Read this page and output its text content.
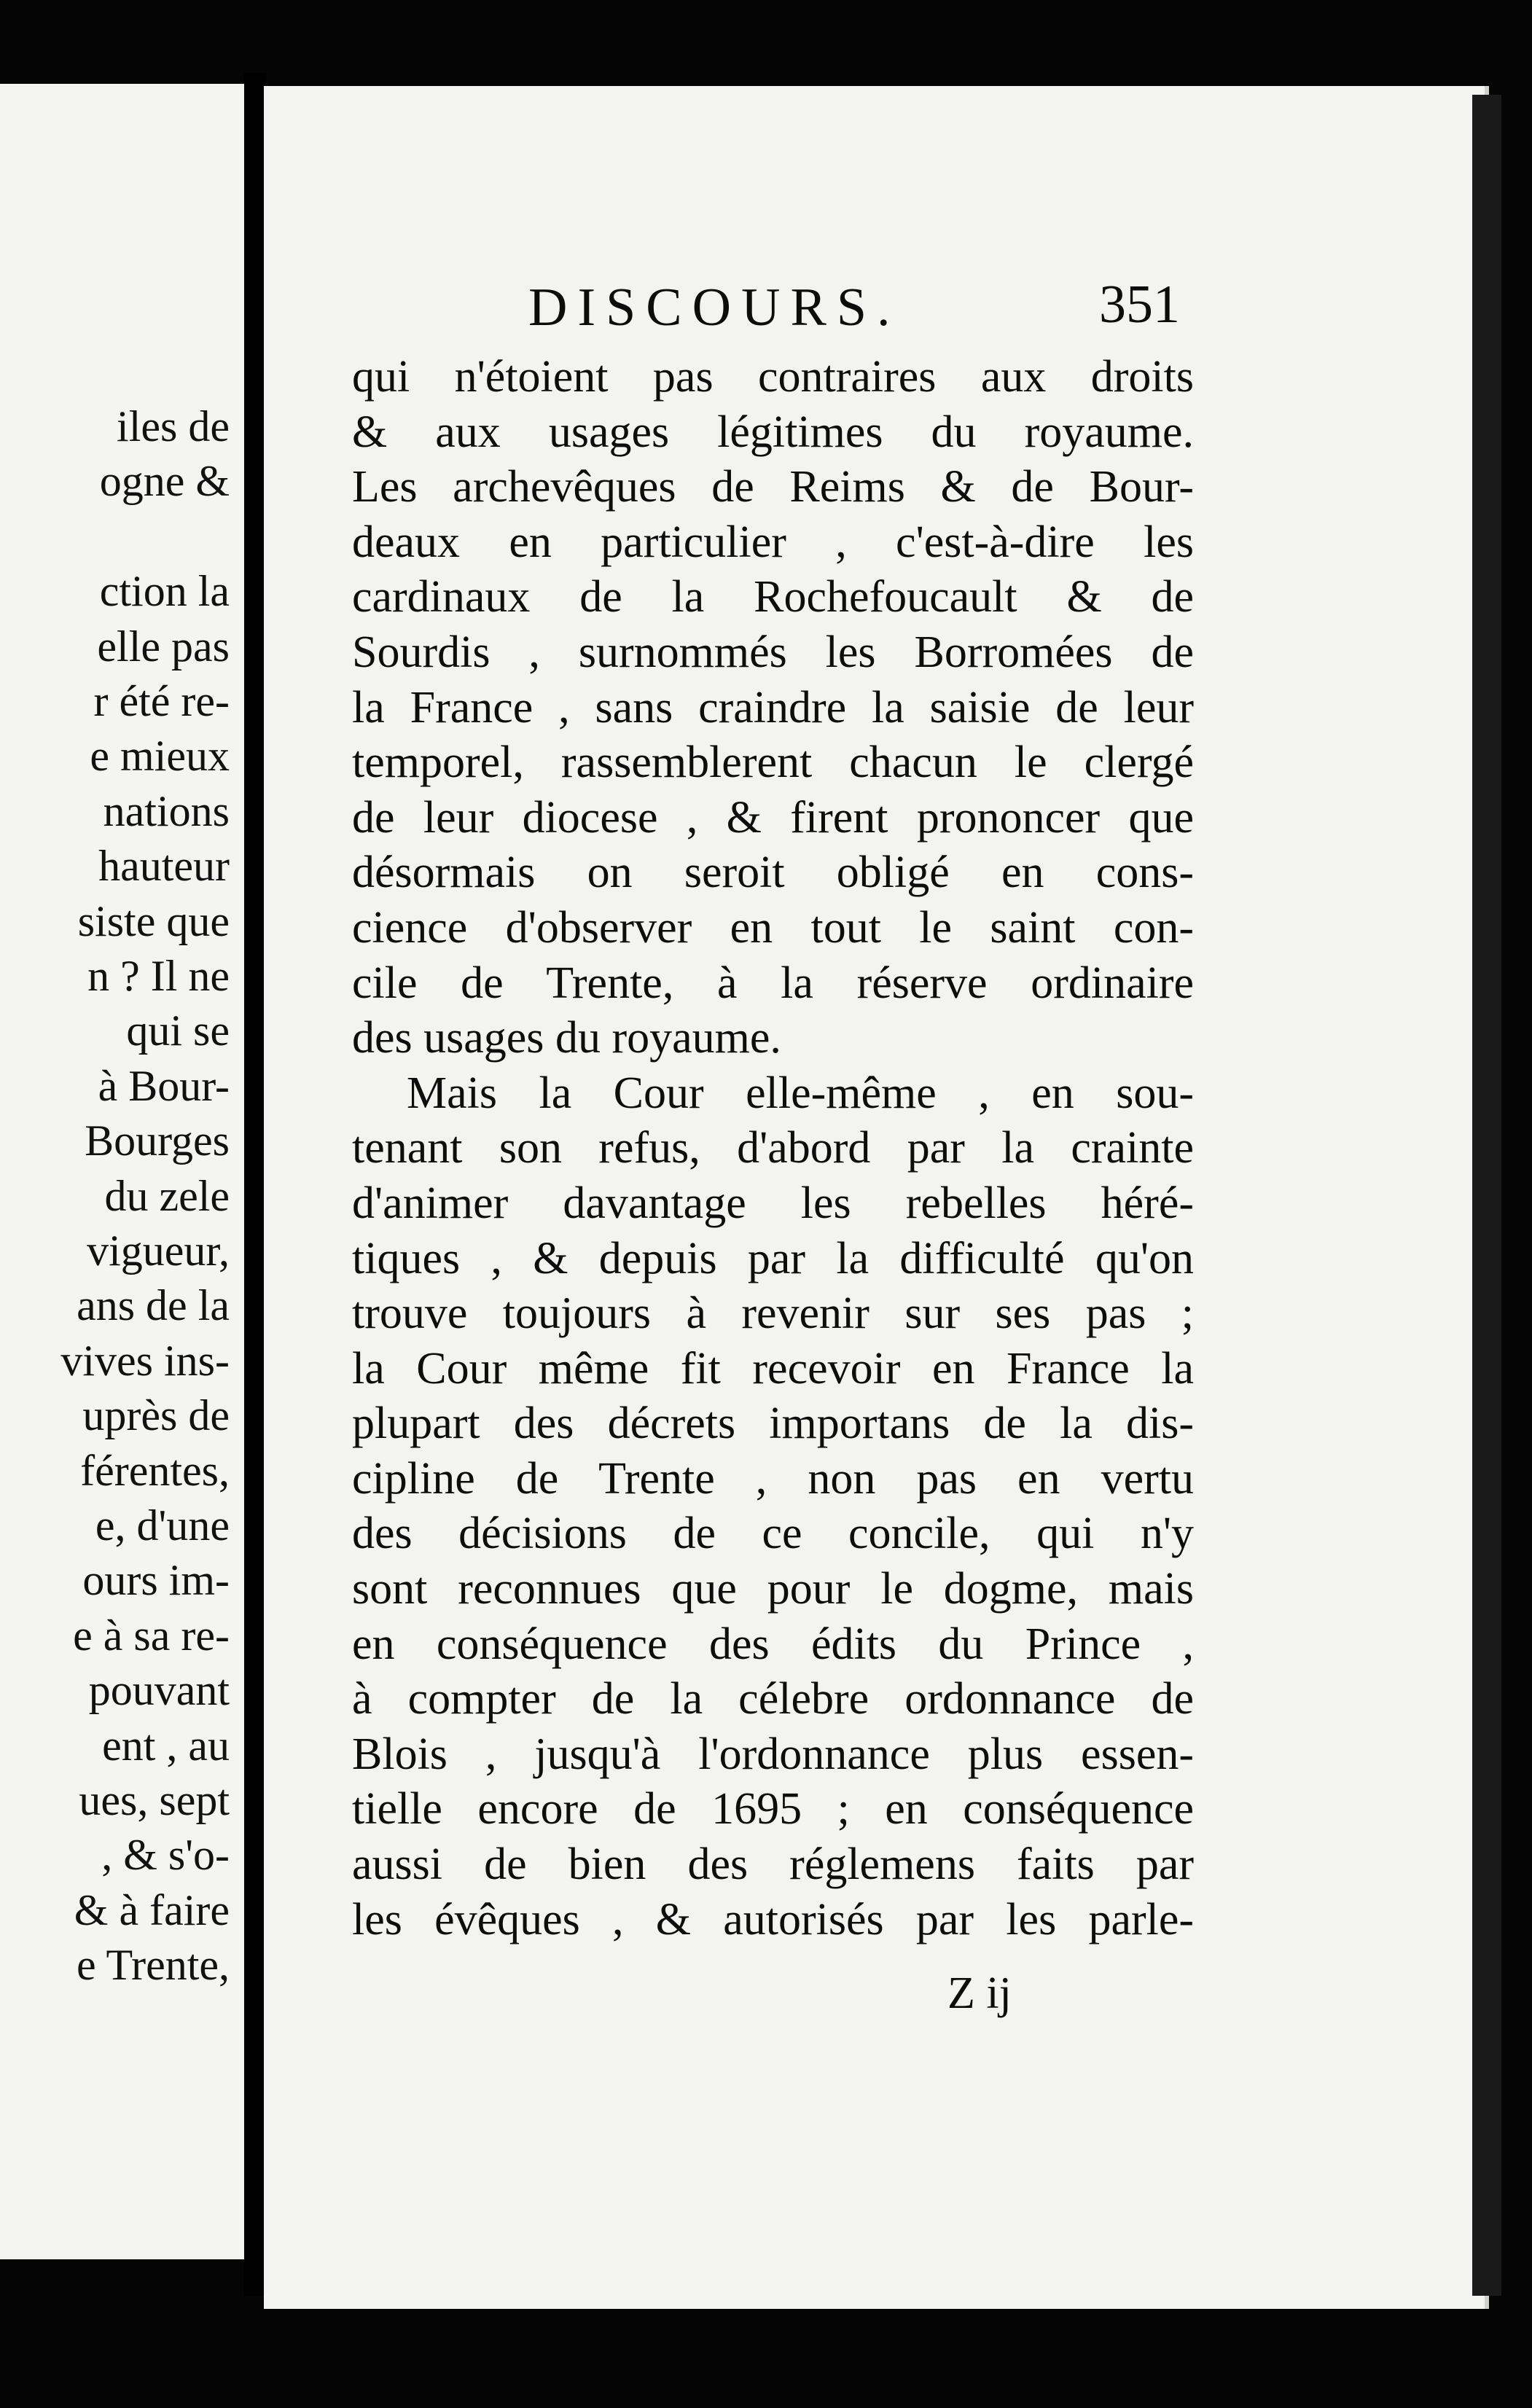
iles de
ogne &
ction la
elle pas
r été re-
e mieux
nations
hauteur
siste que
n ? Il ne
qui se
à Bour-
Bourges
du zele
vigueur,
ans de la
vives ins-
uprès de
férentes,
e, d'une
ours im-
e à sa re-
pouvant
ent , au
ues, sept
, & s'o-
& à faire
e Trente,
DISCOURS.	351
qui n'étoient pas contraires aux droits
& aux usages légitimes du royaume.
Les archevêques de Reims & de Bour-
deaux en particulier , c'est-à-dire les
cardinaux de la Rochefoucault & de
Sourdis , surnommés les Borromées de
la France , sans craindre la saisie de leur
temporel, rassemblerent chacun le clergé
de leur diocese , & firent prononcer que
désormais on seroit obligé en cons-
cience d'observer en tout le saint con-
cile de Trente, à la réserve ordinaire
des usages du royaume.
Mais la Cour elle-même , en sou-
tenant son refus, d'abord par la crainte
d'animer davantage les rebelles héré-
tiques , & depuis par la difficulté qu'on
trouve toujours à revenir sur ses pas ;
la Cour même fit recevoir en France la
plupart des décrets importans de la dis-
cipline de Trente , non pas en vertu
des décisions de ce concile, qui n'y
sont reconnues que pour le dogme, mais
en conséquence des édits du Prince ,
à compter de la célebre ordonnance de
Blois , jusqu'à l'ordonnance plus essen-
tielle encore de 1695 ; en conséquence
aussi de bien des réglemens faits par
les évêques , & autorisés par les parle-
Z ij
